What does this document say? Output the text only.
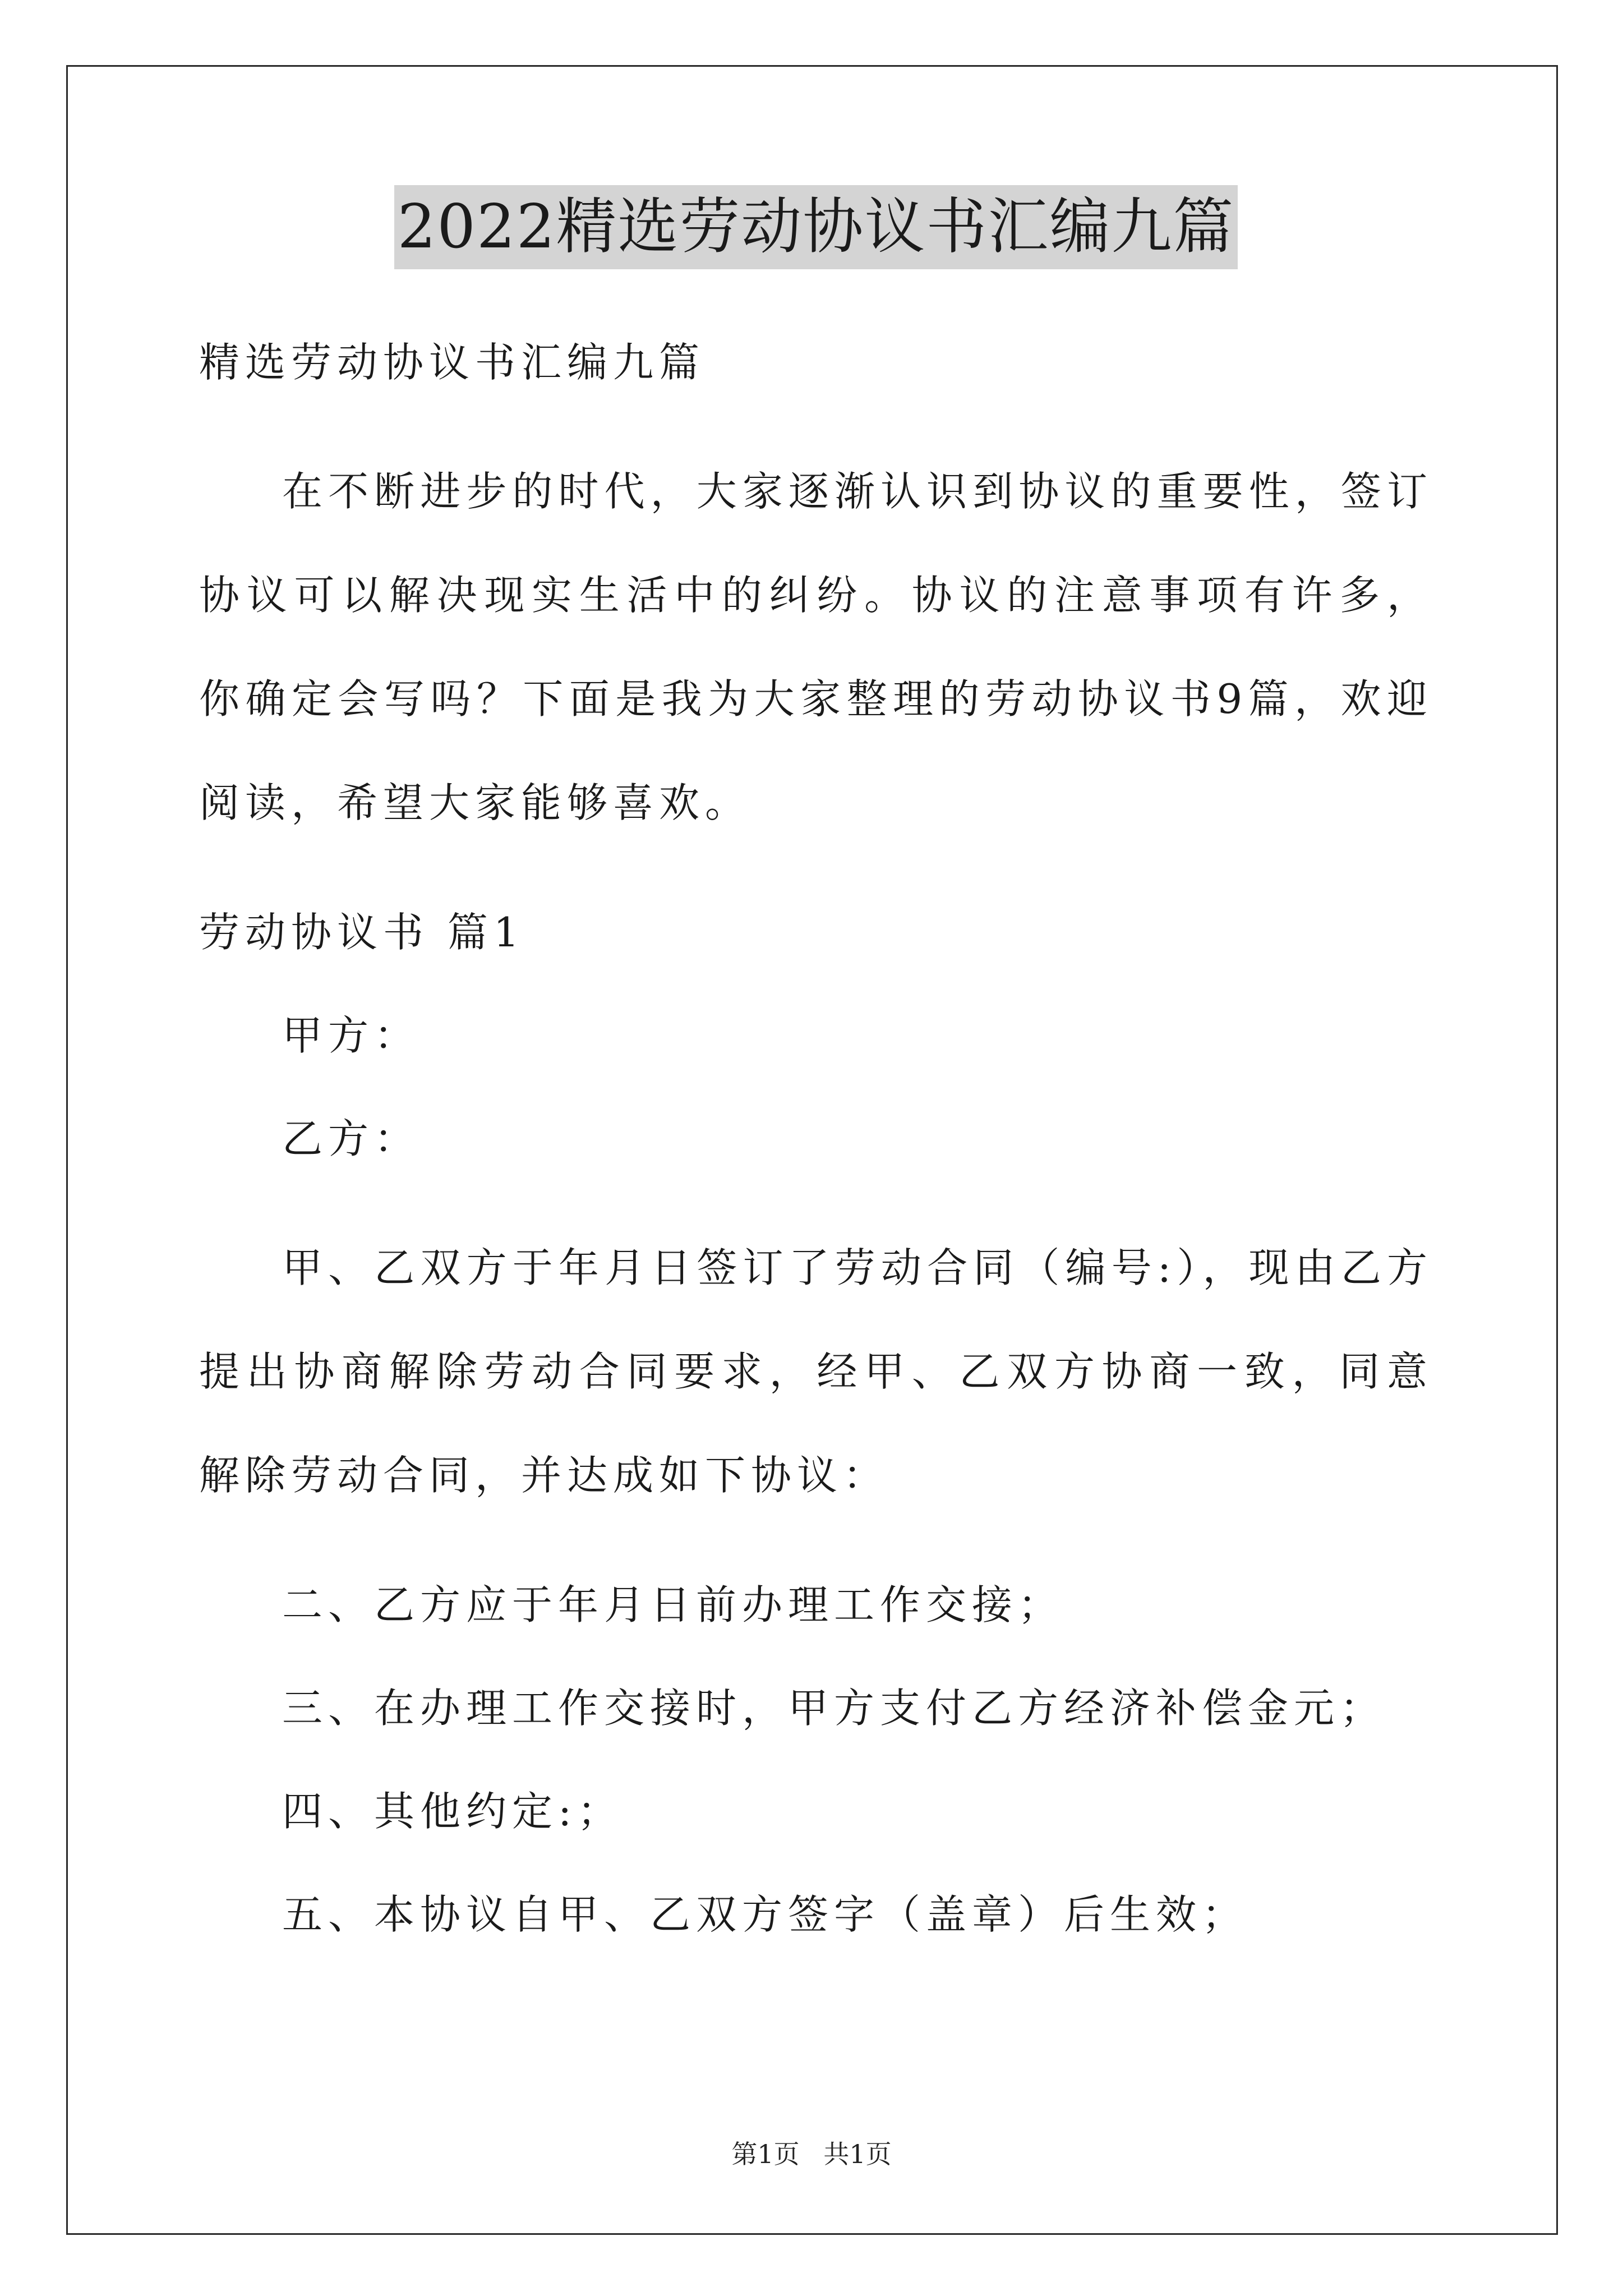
2022精选劳动协议书汇编九篇

精选劳动协议书汇编九篇

在不断进步的时代，大家逐渐认识到协议的重要性，签订协议可以解决现实生活中的纠纷。协议的注意事项有许多，你确定会写吗？下面是我为大家整理的劳动协议书9篇，欢迎阅读，希望大家能够喜欢。

劳动协议书 篇1

甲方：

乙方：

甲、乙双方于年月日签订了劳动合同（编号:），现由乙方提出协商解除劳动合同要求，经甲、乙双方协商一致，同意解除劳动合同，并达成如下协议：

二、乙方应于年月日前办理工作交接；

三、在办理工作交接时，甲方支付乙方经济补偿金元；

四、其他约定:；

五、本协议自甲、乙双方签字（盖章）后生效；

第1页 共1页
